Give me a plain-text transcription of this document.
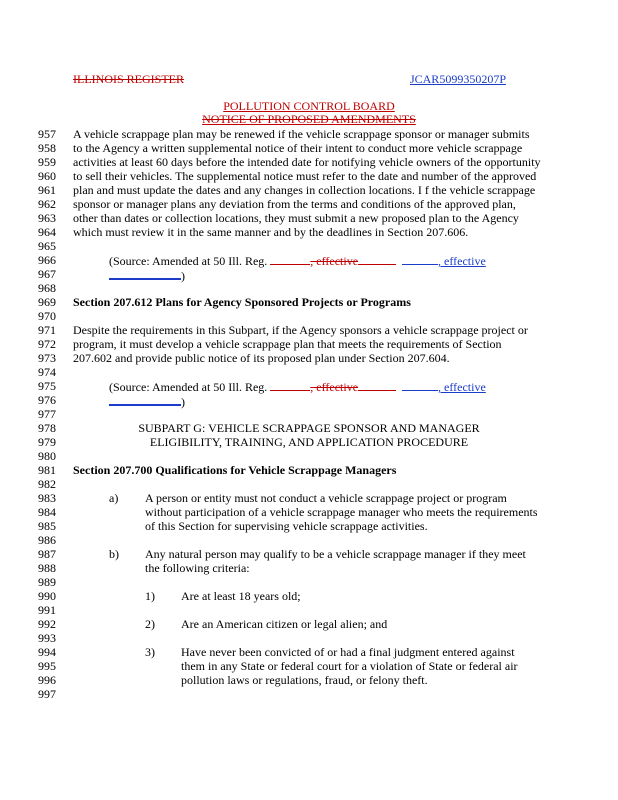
ILLINOIS REGISTER	JCAR5099350207P
POLLUTION CONTROL BOARD
NOTICE OF PROPOSED AMENDMENTS
957
958
959
960
961
962
963
964
965
966
967
968
969
970
971
972
973
974
975
976
977
978
979
980
981
982
983
984
985
986
987
988
989
990
991
992
993
994
995
996
997
A vehicle scrappage plan may be renewed if the vehicle scrappage sponsor or manager submits
to the Agency a written supplemental notice of their intent to conduct more vehicle scrappage
activities at least 60 days before the intended date for notifying vehicle owners of the opportunity
to sell their vehicles. The supplemental notice must refer to the date and number of the approved
plan and must update the dates and any changes in collection locations. I f the vehicle scrappage
sponsor or manager plans any deviation from the terms and conditions of the approved plan,
other than dates or collection locations, they must submit a new proposed plan to the Agency
which must review it in the same manner and by the deadlines in Section 207.606.
(Source: Amended at 50 Ill. Reg.	, effective	, effective
)
Section 207.612 Plans for Agency Sponsored Projects or Programs
Despite the requirements in this Subpart, if the Agency sponsors a vehicle scrappage project or
program, it must develop a vehicle scrappage plan that meets the requirements of Section
207.602 and provide public notice of its proposed plan under Section 207.604.
(Source: Amended at 50 Ill. Reg.	, effective	, effective
)
SUBPART G: VEHICLE SCRAPPAGE SPONSOR AND MANAGER
ELIGIBILITY, TRAINING, AND APPLICATION PROCEDURE
Section 207.700 Qualifications for Vehicle Scrappage Managers
a) A person or entity must not conduct a vehicle scrappage project or program
without participation of a vehicle scrappage manager who meets the requirements
of this Section for supervising vehicle scrappage activities.
b) Any natural person may qualify to be a vehicle scrappage manager if they meet
the following criteria:
1) Are at least 18 years old;
2) Are an American citizen or legal alien; and
3) Have never been convicted of or had a final judgment entered against
them in any State or federal court for a violation of State or federal air
pollution laws or regulations, fraud, or felony theft.
